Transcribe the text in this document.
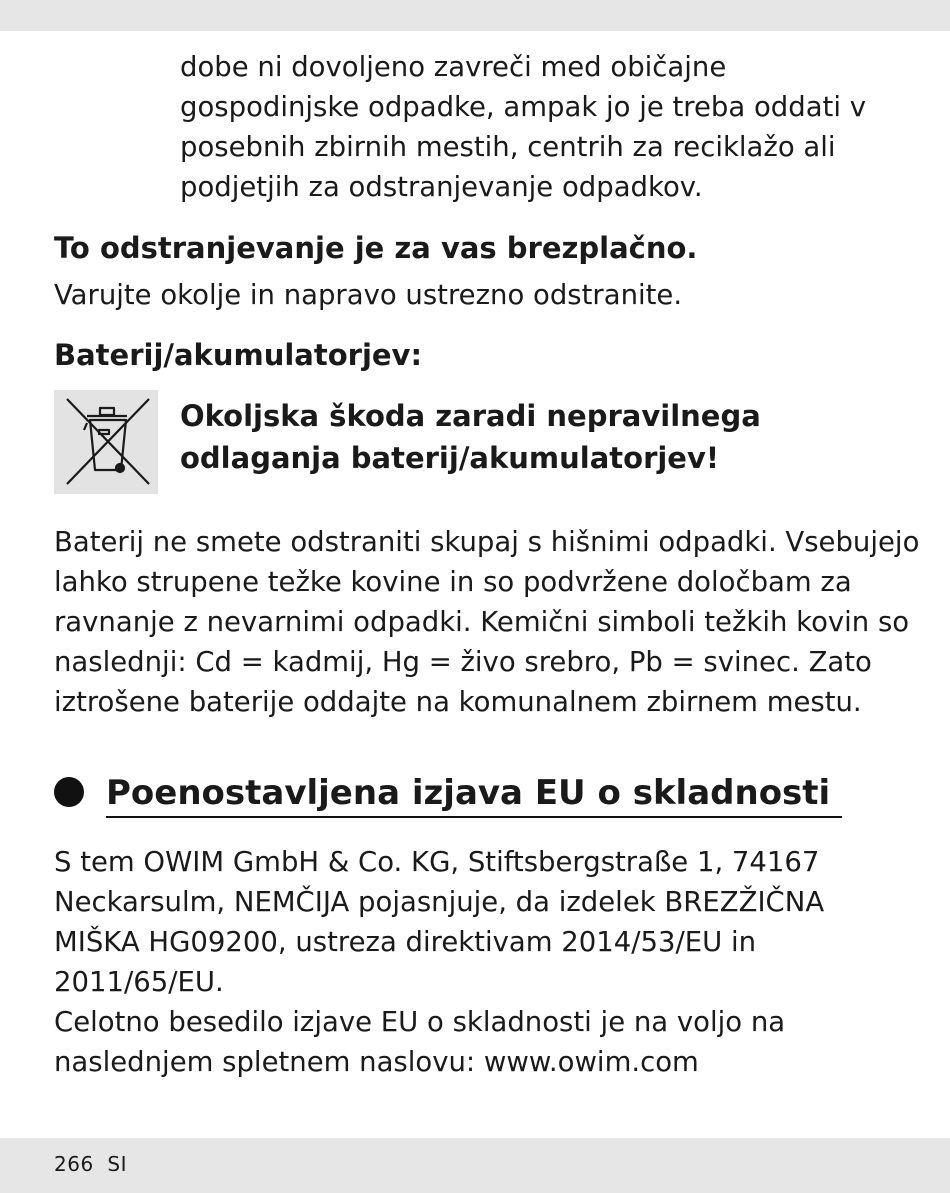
dobe ni dovoljeno zavreči med običajne
gospodinjske odpadke, ampak jo je treba oddati v
posebnih zbirnih mestih, centrih za reciklažo ali
podjetjih za odstranjevanje odpadkov.
To odstranjevanje je za vas brezplačno.
Varujte okolje in napravo ustrezno odstranite.
Baterij/akumulatorjev:
Okoljska škoda zaradi nepravilnega
odlaganja baterij/akumulatorjev!
Baterij ne smete odstraniti skupaj s hišnimi odpadki. Vsebujejo
lahko strupene težke kovine in so podvržene določbam za
ravnanje z nevarnimi odpadki. Kemični simboli težkih kovin so
naslednji: Cd = kadmij, Hg = živo srebro, Pb = svinec. Zato
iztrošene baterije oddajte na komunalnem zbirnem mestu.
Poenostavljena izjava EU o skladnosti
S tem OWIM GmbH & Co. KG, Stiftsbergstraße 1, 74167
Neckarsulm, NEMČIJA pojasnjuje, da izdelek BREZŽIČNA
MIŠKA HG09200, ustreza direktivam 2014/53/EU in
2011/65/EU.
Celotno besedilo izjave EU o skladnosti je na voljo na
naslednjem spletnem naslovu: www.owim.com
266 SI
